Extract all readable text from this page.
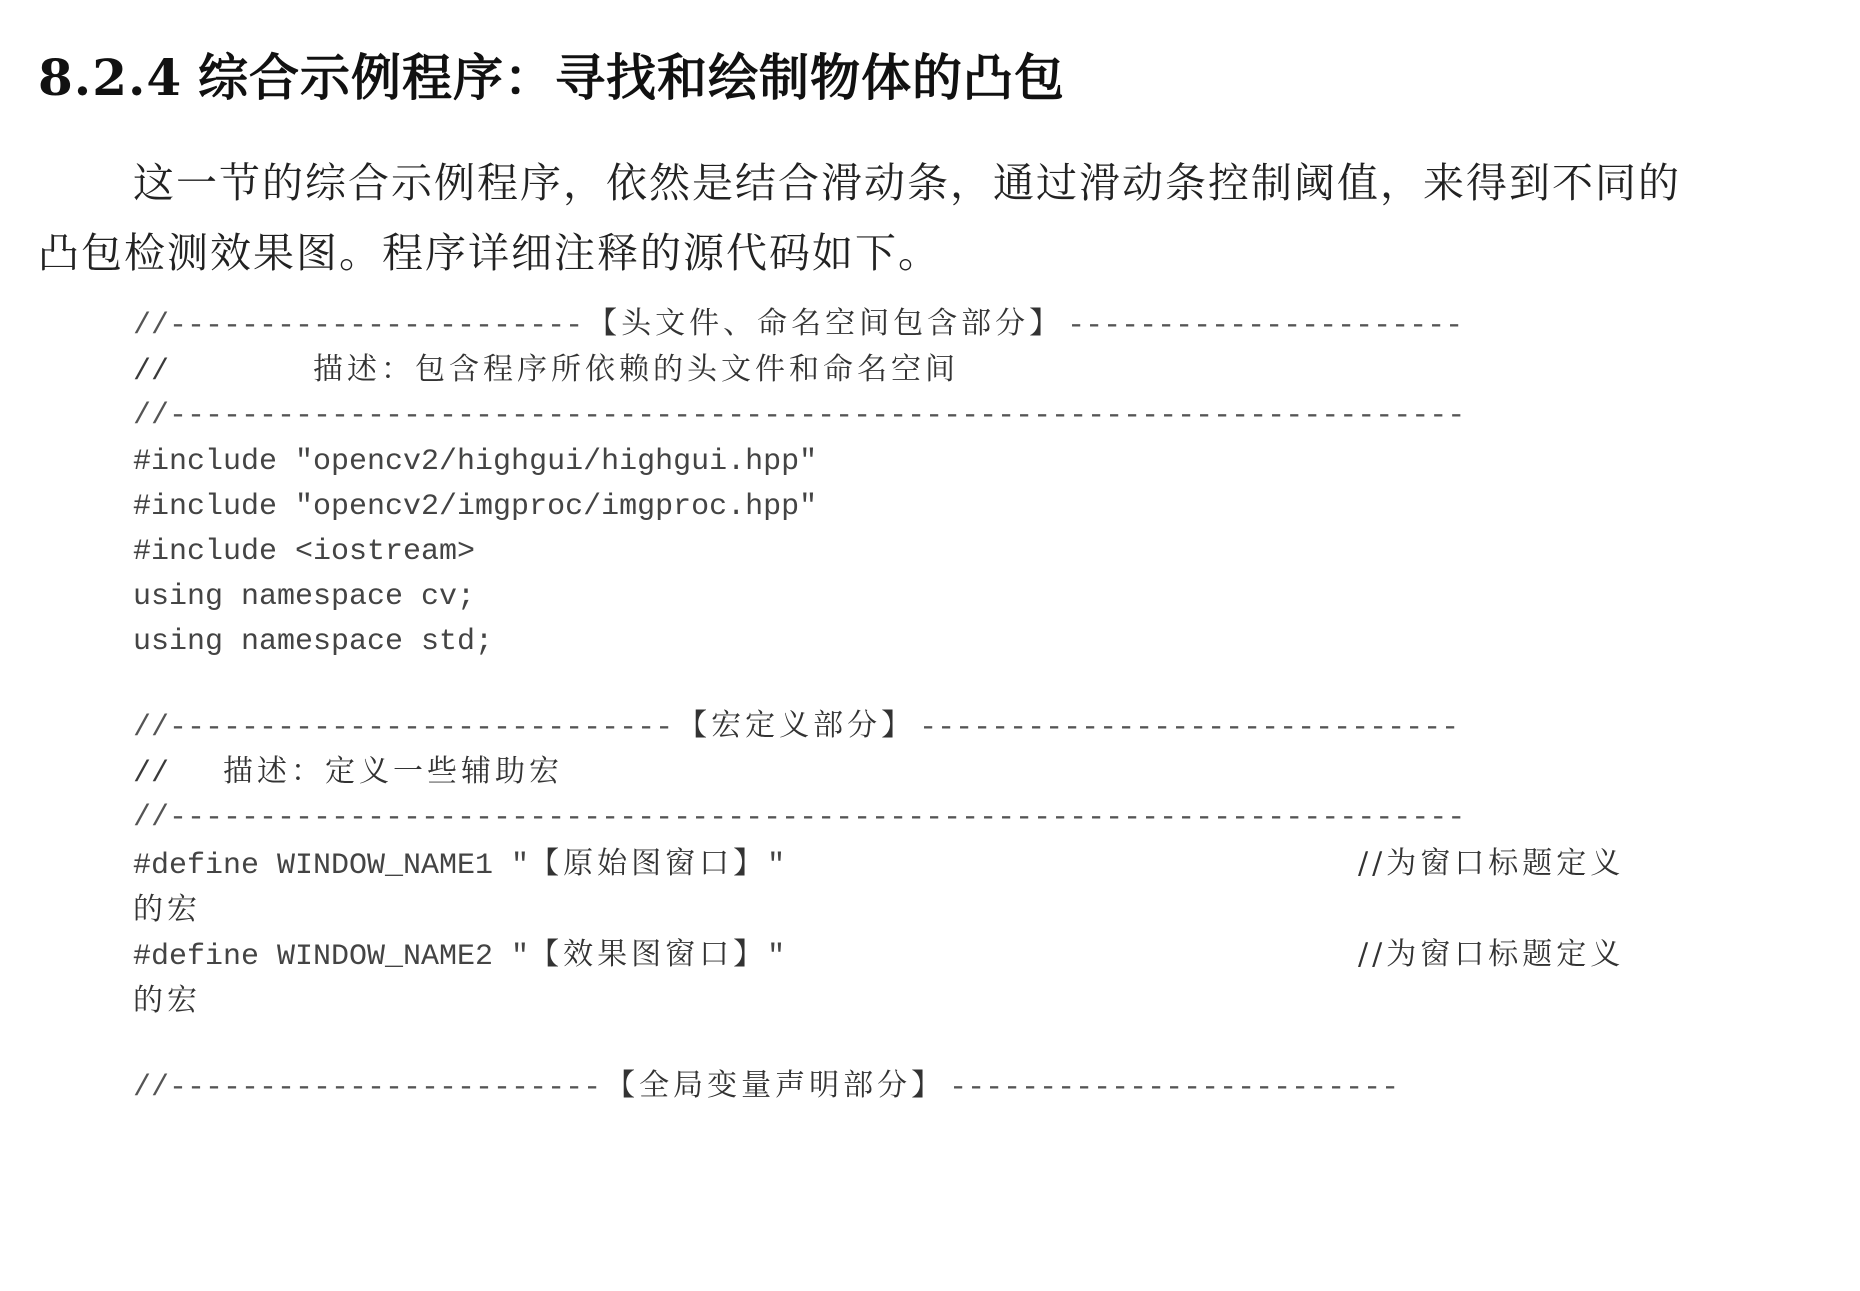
8.2.4 综合示例程序：寻找和绘制物体的凸包
这一节的综合示例程序，依然是结合滑动条，通过滑动条控制阈值，来得到不同的凸包检测效果图。程序详细注释的源代码如下。
//----------------------- 【头文件、命名空间包含部分】 ----------------------
//        描述：包含程序所依赖的头文件和命名空间
//------------------------------------------------------------------------
#include "opencv2/highgui/highgui.hpp"
#include "opencv2/imgproc/imgproc.hpp"
#include <iostream>
using namespace cv;
using namespace std;
//---------------------------- 【宏定义部分】 ------------------------------
//   描述：定义一些辅助宏
//------------------------------------------------------------------------
#define WINDOW_NAME1 "【原始图窗口】"	//为窗口标题定义
的宏
#define WINDOW_NAME2 "【效果图窗口】"	//为窗口标题定义
的宏
//------------------------ 【全局变量声明部分】 -------------------------
